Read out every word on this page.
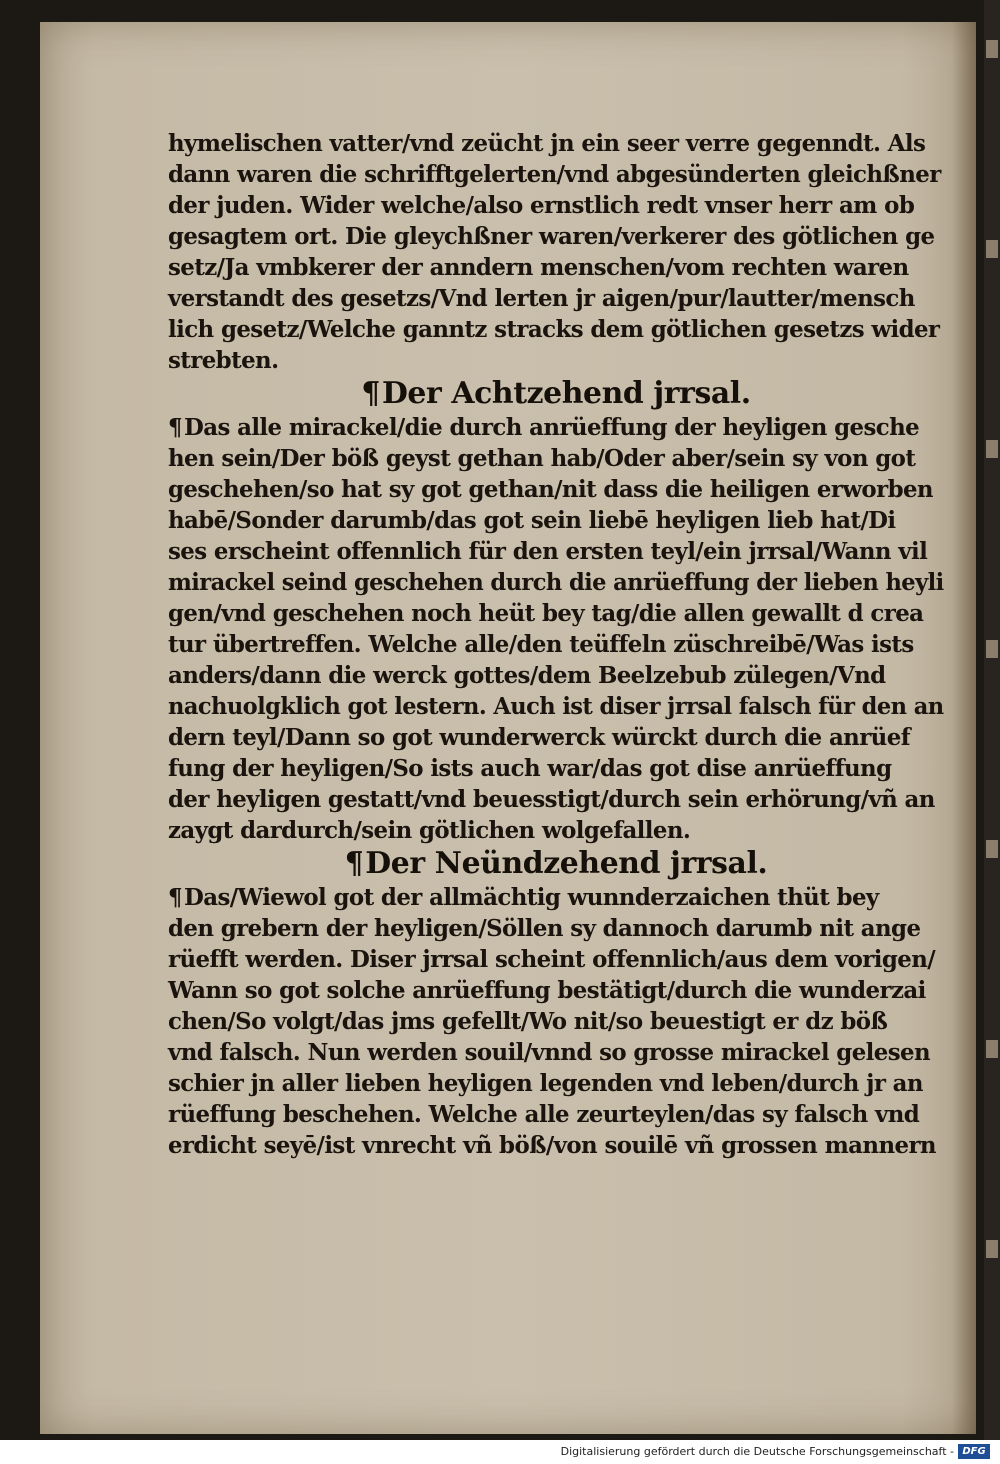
hymelischen vatter/vnd zeücht jn ein seer verre gegenndt. Als
dann waren die schrifftgelerten/vnd abgesünderten gleichßner
der juden. Wider welche/also ernstlich redt vnser herr am ob
gesagtem ort. Die gleychßner waren/verkerer des götlichen ge
setz/Ja vmbkerer der anndern menschen/vom rechten waren
verstandt des gesetzs/Vnd lerten jr aigen/pur/lautter/mensch
lich gesetz/Welche ganntz stracks dem götlichen gesetzs wider
strebten.
¶Der Achtzehend jrrsal.
¶Das alle mirackel/die durch anrüeffung der heyligen gesche
hen sein/Der böß geyst gethan hab/Oder aber/sein sy von got
geschehen/so hat sy got gethan/nit dass die heiligen erworben
habē/Sonder darumb/das got sein liebē heyligen lieb hat/Di
ses erscheint offennlich für den ersten teyl/ein jrrsal/Wann vil
mirackel seind geschehen durch die anrüeffung der lieben heyli
gen/vnd geschehen noch heüt bey tag/die allen gewallt d crea
tur übertreffen. Welche alle/den teüffeln züschreibē/Was ists
anders/dann die werck gottes/dem Beelzebub zülegen/Vnd
nachuolgklich got lestern. Auch ist diser jrrsal falsch für den an
dern teyl/Dann so got wunderwerck würckt durch die anrüef
fung der heyligen/So ists auch war/das got dise anrüeffung
der heyligen gestatt/vnd beuesstigt/durch sein erhörung/vñ an
zaygt dardurch/sein götlichen wolgefallen.
¶Der Neündzehend jrrsal.
¶Das/Wiewol got der allmächtig wunnderzaichen thüt bey
den grebern der heyligen/Söllen sy dannoch darumb nit ange
rüefft werden. Diser jrrsal scheint offennlich/aus dem vorigen/
Wann so got solche anrüeffung bestätigt/durch die wunderzai
chen/So volgt/das jms gefellt/Wo nit/so beuestigt er dz böß
vnd falsch. Nun werden souil/vnnd so grosse mirackel gelesen
schier jn aller lieben heyligen legenden vnd leben/durch jr an
rüeffung beschehen. Welche alle zeurteylen/das sy falsch vnd
erdicht seyē/ist vnrecht vñ böß/von souilē vñ grossen mannern
Digitalisierung gefördert durch die Deutsche Forschungsgemeinschaft - DFG
